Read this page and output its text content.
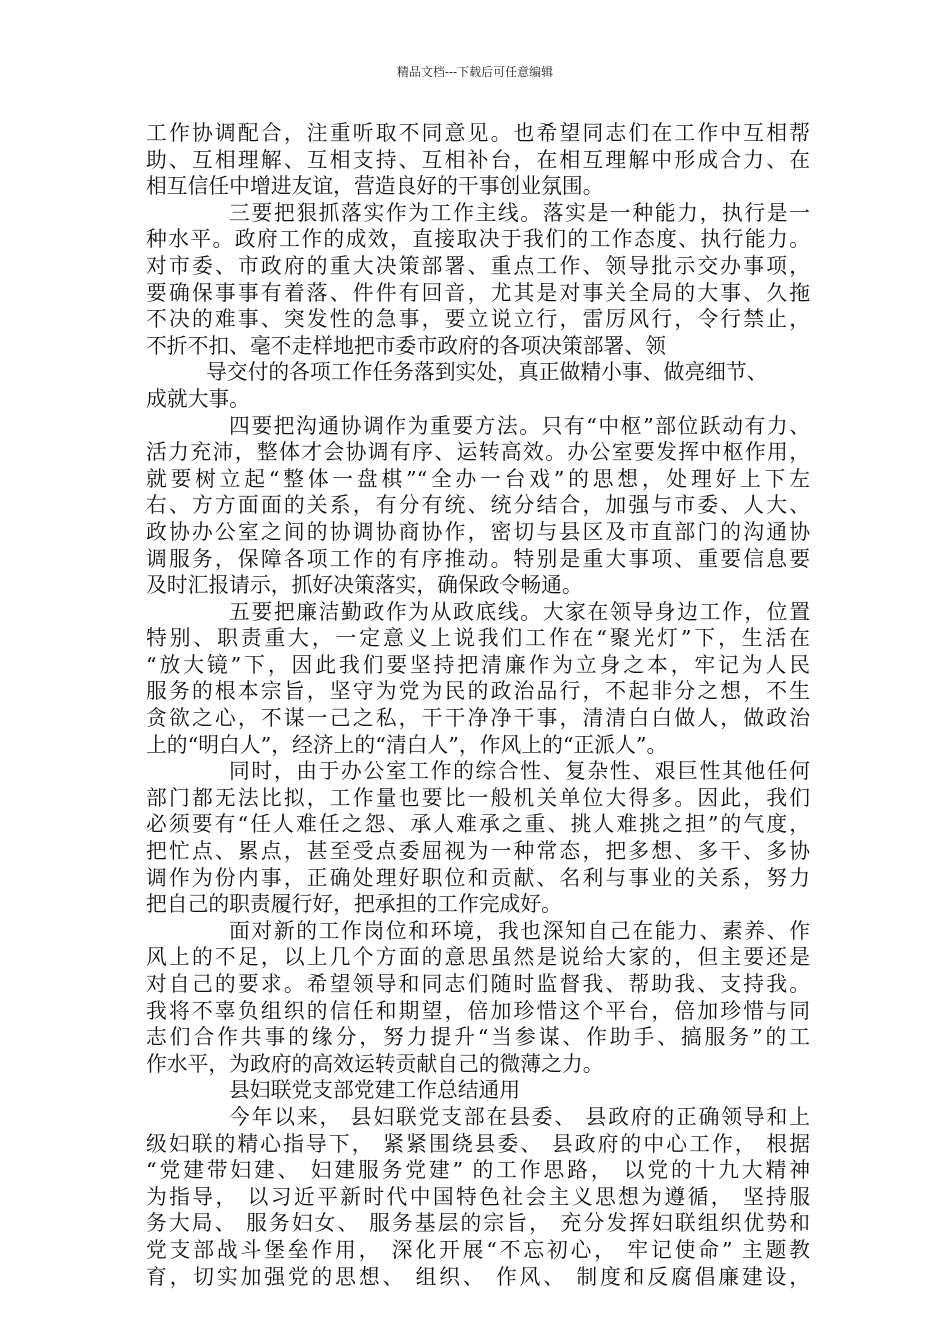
精品文档---下载后可任意编辑
工作协调配合，注重听取不同意见。也希望同志们在工作中互相帮
助、互相理解、互相支持、互相补台，在相互理解中形成合力、在
相互信任中增进友谊，营造良好的干事创业氛围。
三要把狠抓落实作为工作主线。落实是一种能力，执行是一
种水平。政府工作的成效，直接取决于我们的工作态度、执行能力。
对市委、市政府的重大决策部署、重点工作、领导批示交办事项，
要确保事事有着落、件件有回音，尤其是对事关全局的大事、久拖
不决的难事、突发性的急事，要立说立行，雷厉风行，令行禁止，
不折不扣、毫不走样地把市委市政府的各项决策部署、领
导交付的各项工作任务落到实处，真正做精小事、做亮细节、
成就大事。
四要把沟通协调作为重要方法。只有“中枢”部位跃动有力、
活力充沛，整体才会协调有序、运转高效。办公室要发挥中枢作用，
就要树立起“整体一盘棋”“全办一台戏”的思想，处理好上下左
右、方方面面的关系，有分有统、统分结合，加强与市委、人大、
政协办公室之间的协调协商协作，密切与县区及市直部门的沟通协
调服务，保障各项工作的有序推动。特别是重大事项、重要信息要
及时汇报请示，抓好决策落实，确保政令畅通。
五要把廉洁勤政作为从政底线。大家在领导身边工作，位置
特别、职责重大，一定意义上说我们工作在“聚光灯”下，生活在
“放大镜”下，因此我们要坚持把清廉作为立身之本，牢记为人民
服务的根本宗旨，坚守为党为民的政治品行，不起非分之想，不生
贪欲之心，不谋一己之私，干干净净干事，清清白白做人，做政治
上的“明白人”，经济上的“清白人”，作风上的“正派人”。
同时，由于办公室工作的综合性、复杂性、艰巨性其他任何
部门都无法比拟，工作量也要比一般机关单位大得多。因此，我们
必须要有“任人难任之怨、承人难承之重、挑人难挑之担”的气度，
把忙点、累点，甚至受点委屈视为一种常态，把多想、多干、多协
调作为份内事，正确处理好职位和贡献、名利与事业的关系，努力
把自己的职责履行好，把承担的工作完成好。
面对新的工作岗位和环境，我也深知自己在能力、素养、作
风上的不足，以上几个方面的意思虽然是说给大家的，但主要还是
对自己的要求。希望领导和同志们随时监督我、帮助我、支持我。
我将不辜负组织的信任和期望，倍加珍惜这个平台，倍加珍惜与同
志们合作共事的缘分，努力提升“当参谋、作助手、搞服务”的工
作水平，为政府的高效运转贡献自己的微薄之力。
县妇联党支部党建工作总结通用
今年以来， 县妇联党支部在县委、 县政府的正确领导和上
级妇联的精心指导下， 紧紧围绕县委、 县政府的中心工作， 根据
“党建带妇建、 妇建服务党建” 的工作思路， 以党的十九大精神
为指导， 以习近平新时代中国特色社会主义思想为遵循， 坚持服
务大局、 服务妇女、 服务基层的宗旨， 充分发挥妇联组织优势和
党支部战斗堡垒作用， 深化开展“不忘初心， 牢记使命” 主题教
育，切实加强党的思想、 组织、 作风、 制度和反腐倡廉建设，
